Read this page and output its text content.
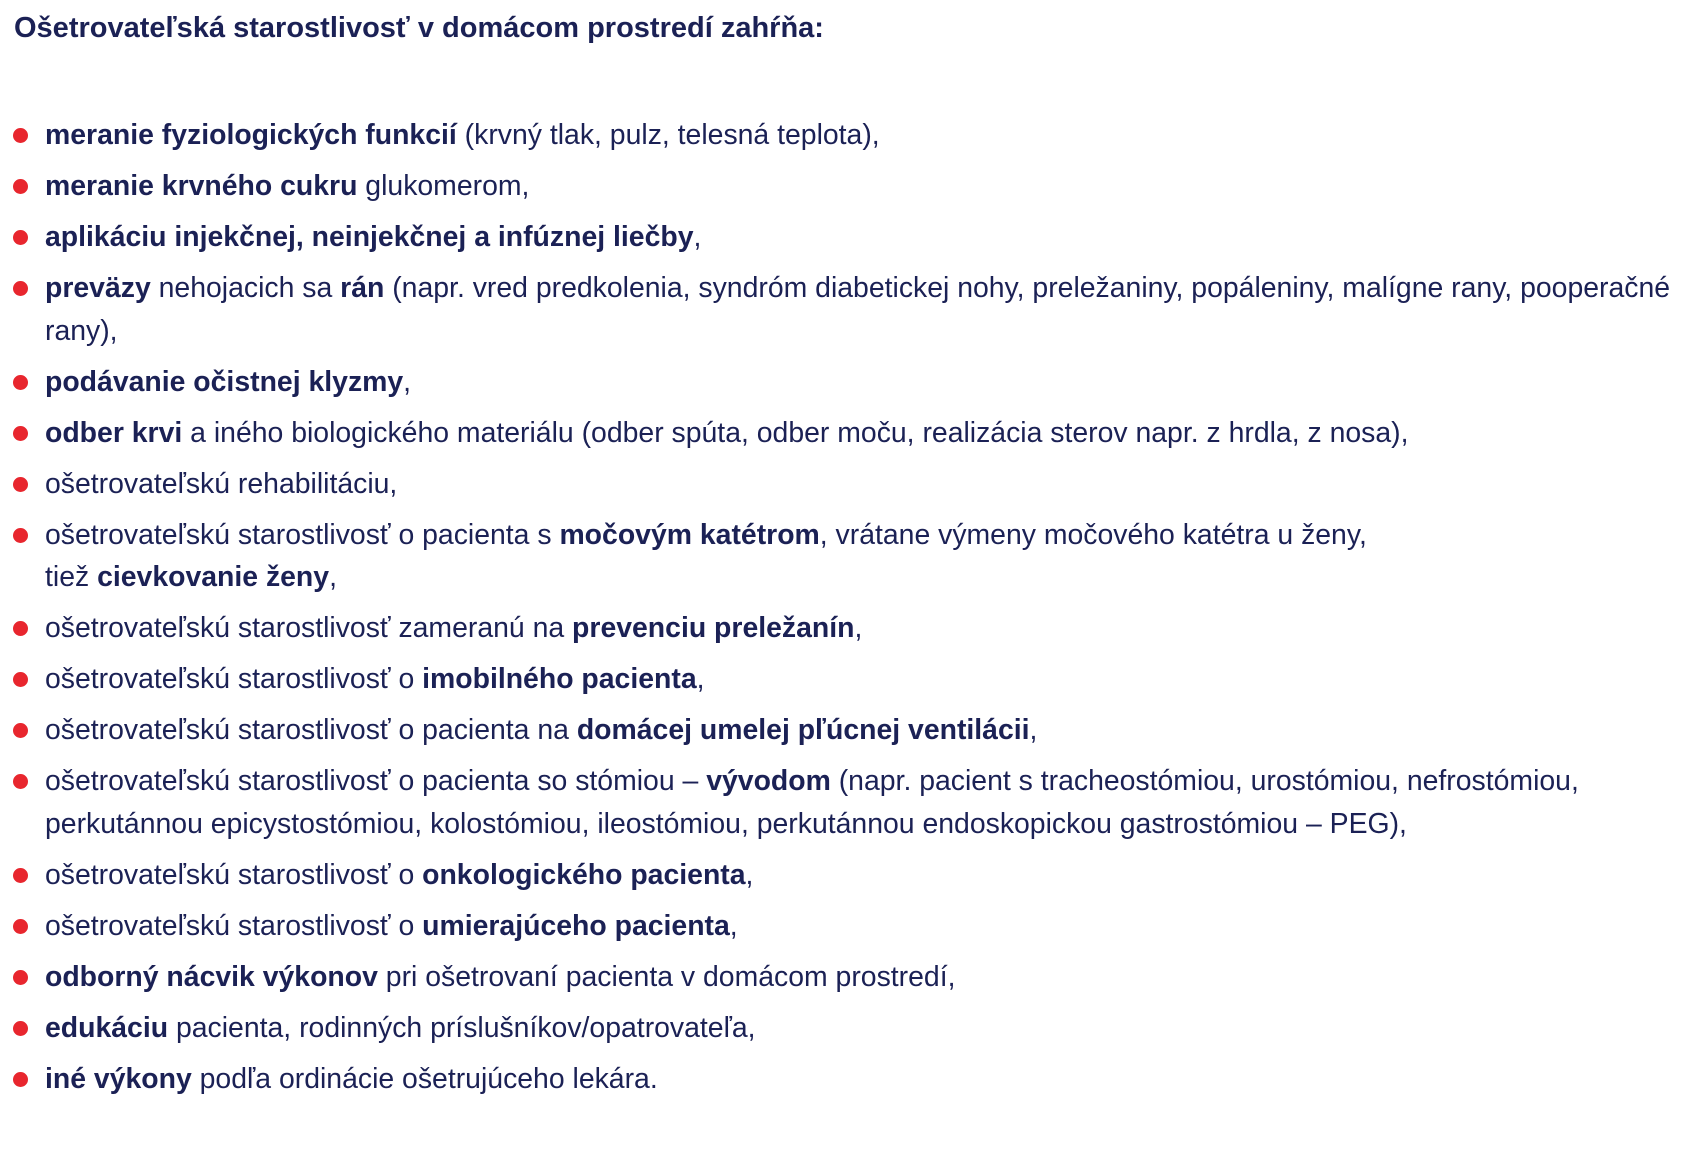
Ošetrovateľská starostlivosť v domácom prostredí zahŕňa:
meranie fyziologických funkcií (krvný tlak, pulz, telesná teplota),
meranie krvného cukru glukomerom,
aplikáciu injekčnej, neinjekčnej a infúznej liečby,
preväzy nehojacich sa rán (napr. vred predkolenia, syndróm diabetickej nohy, preležaniny, popáleniny, malígne rany, pooperačné rany),
podávanie očistnej klyzmy,
odber krvi a iného biologického materiálu (odber spúta, odber moču, realizácia sterov napr. z hrdla, z nosa),
ošetrovateľskú rehabilitáciu,
ošetrovateľskú starostlivosť o pacienta s močovým katétrom, vrátane výmeny močového katétra u ženy,
tiež cievkovanie ženy,
ošetrovateľskú starostlivosť zameranú na prevenciu preležanín,
ošetrovateľskú starostlivosť o imobilného pacienta,
ošetrovateľskú starostlivosť o pacienta na domácej umelej pľúcnej ventilácii,
ošetrovateľskú starostlivosť o pacienta so stómiou – vývodom (napr. pacient s tracheostómiou, urostómiou, nefrostómiou, perkutánnou epicystostómiou, kolostómiou, ileostómiou, perkutánnou endoskopickou gastrostómiou – PEG),
ošetrovateľskú starostlivosť o onkologického pacienta,
ošetrovateľskú starostlivosť o umierajúceho pacienta,
odborný nácvik výkonov pri ošetrovaní pacienta v domácom prostredí,
edukáciu pacienta, rodinných príslušníkov/opatrovateľa,
iné výkony podľa ordinácie ošetrujúceho lekára.
